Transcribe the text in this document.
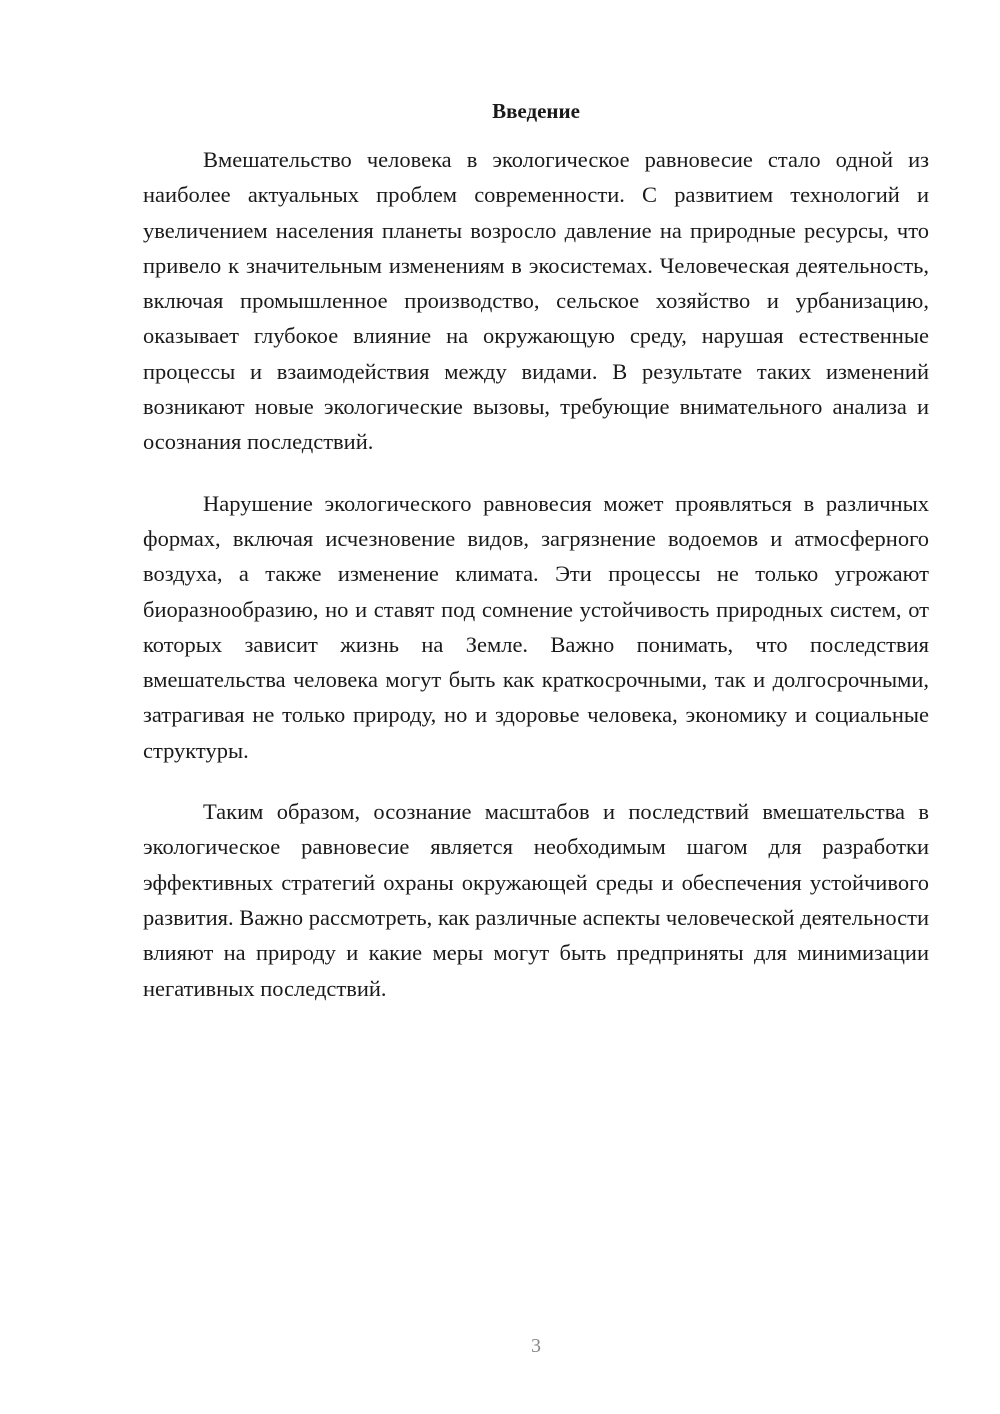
Введение

Вмешательство человека в экологическое равновесие стало одной из наиболее актуальных проблем современности. С развитием технологий и увеличением населения планеты возросло давление на природные ресурсы, что привело к значительным изменениям в экосистемах. Человеческая деятельность, включая промышленное производство, сельское хозяйство и урбанизацию, оказывает глубокое влияние на окружающую среду, нарушая естественные процессы и взаимодействия между видами. В результате таких изменений возникают новые экологические вызовы, требующие внимательного анализа и осознания последствий.

Нарушение экологического равновесия может проявляться в различных формах, включая исчезновение видов, загрязнение водоемов и атмосферного воздуха, а также изменение климата. Эти процессы не только угрожают биоразнообразию, но и ставят под сомнение устойчивость природных систем, от которых зависит жизнь на Земле. Важно понимать, что последствия вмешательства человека могут быть как краткосрочными, так и долгосрочными, затрагивая не только природу, но и здоровье человека, экономику и социальные структуры.

Таким образом, осознание масштабов и последствий вмешательства в экологическое равновесие является необходимым шагом для разработки эффективных стратегий охраны окружающей среды и обеспечения устойчивого развития. Важно рассмотреть, как различные аспекты человеческой деятельности влияют на природу и какие меры могут быть предприняты для минимизации негативных последствий.

3
